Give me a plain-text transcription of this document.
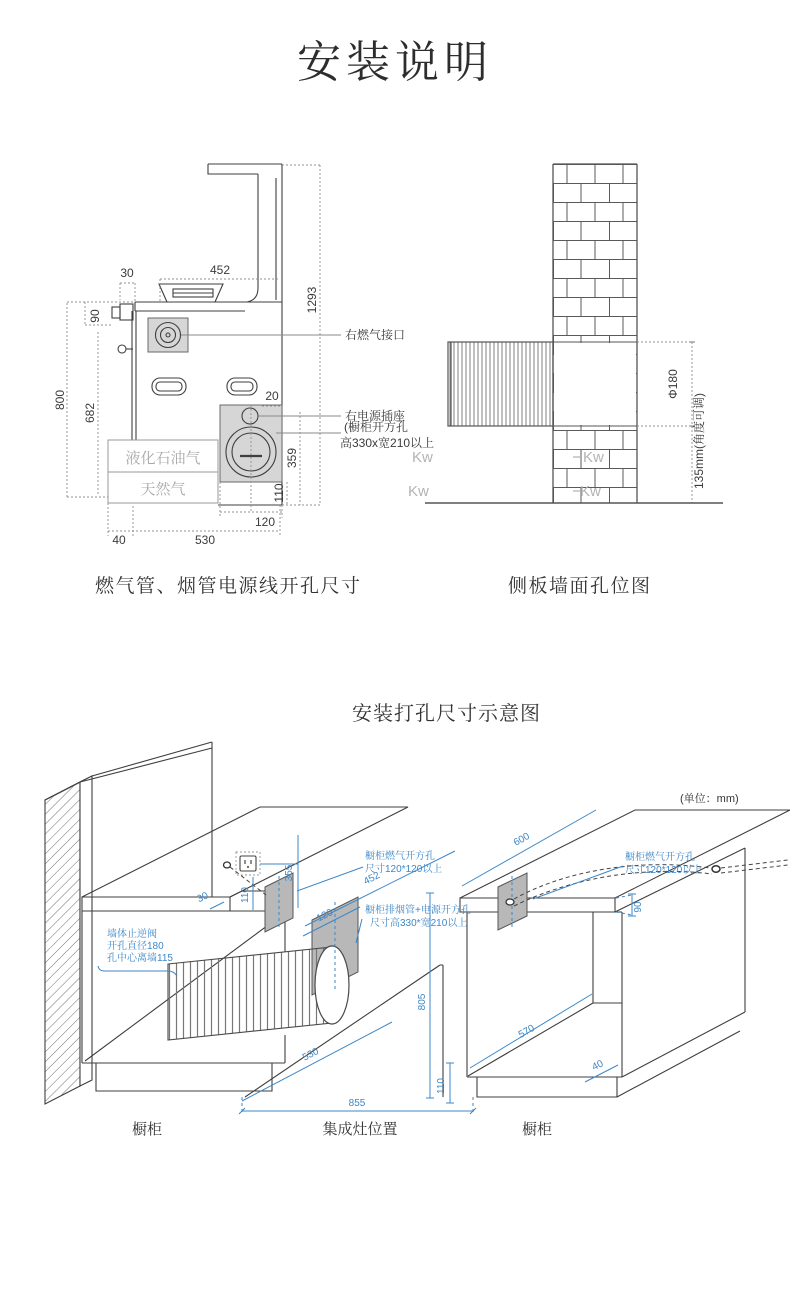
安装说明
液化石油气
天然气
452
30
90
800
682
1293
20
359
110
120
40	530
右燃气接口
右电源插座
(橱柜开方孔
高330x宽210以上
燃气管、烟管电源线开孔尺寸
Φ180
135mm(角度可调)
Kw	Kw
Kw	Kw
侧板墙面孔位图
安装打孔尺寸示意图
(单位：mm)
110
355	452
120
30
530
805
855
110
570
40
600
90
墙体止逆阀
开孔直径180
孔中心离墙115
橱柜燃气开方孔
尺寸120*120以上
橱柜燃气开方孔
尺寸120*120以上
橱柜排烟管+电源开方孔
尺寸高330*宽210以上
橱柜	集成灶位置	橱柜
